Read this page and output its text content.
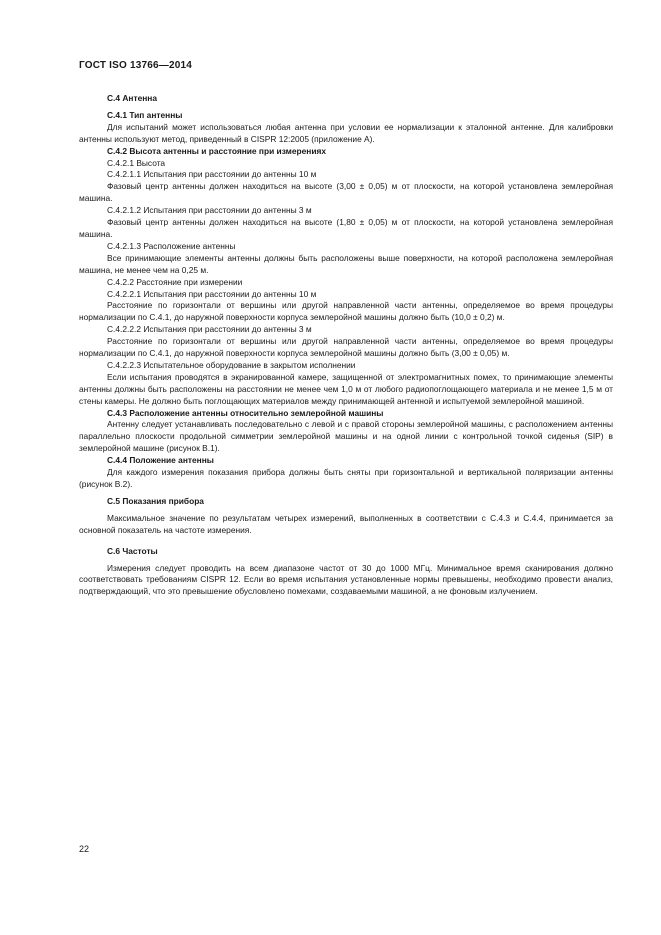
ГОСТ ISO 13766—2014

С.4 Антенна

С.4.1 Тип антенны

Для испытаний может использоваться любая антенна при условии ее нормализации к эталонной антенне. Для калибровки антенны используют метод, приведенный в CISPR 12:2005 (приложение А).

С.4.2 Высота антенны и расстояние при измерениях

С.4.2.1 Высота

С.4.2.1.1 Испытания при расстоянии до антенны 10 м

Фазовый центр антенны должен находиться на высоте (3,00 ± 0,05) м от плоскости, на которой установлена землеройная машина.

С.4.2.1.2 Испытания при расстоянии до антенны 3 м

Фазовый центр антенны должен находиться на высоте (1,80 ± 0,05) м от плоскости, на которой установлена землеройная машина.

С.4.2.1.3 Расположение антенны

Все принимающие элементы антенны должны быть расположены выше поверхности, на которой расположена землеройная машина, не менее чем на 0,25 м.

С.4.2.2 Расстояние при измерении

С.4.2.2.1 Испытания при расстоянии до антенны 10 м

Расстояние по горизонтали от вершины или другой направленной части антенны, определяемое во время процедуры нормализации по С.4.1, до наружной поверхности корпуса землеройной машины должно быть (10,0 ± 0,2) м.

С.4.2.2.2 Испытания при расстоянии до антенны 3 м

Расстояние по горизонтали от вершины или другой направленной части антенны, определяемое во время процедуры нормализации по С.4.1, до наружной поверхности корпуса землеройной машины должно быть (3,00 ± 0,05) м.

С.4.2.2.3 Испытательное оборудование в закрытом исполнении

Если испытания проводятся в экранированной камере, защищенной от электромагнитных помех, то принимающие элементы антенны должны быть расположены на расстоянии не менее чем 1,0 м от любого радиопоглощающего материала и не менее 1,5 м от стены камеры. Не должно быть поглощающих материалов между принимающей антенной и испытуемой землеройной машиной.

С.4.3 Расположение антенны относительно землеройной машины

Антенну следует устанавливать последовательно с левой и с правой стороны землеройной машины, с расположением антенны параллельно плоскости продольной симметрии землеройной машины и на одной линии с контрольной точкой сиденья (SIP) в землеройной машине (рисунок В.1).

С.4.4 Положение антенны

Для каждого измерения показания прибора должны быть сняты при горизонтальной и вертикальной поляризации антенны (рисунок В.2).

С.5 Показания прибора

Максимальное значение по результатам четырех измерений, выполненных в соответствии с С.4.3 и С.4.4, принимается за основной показатель на частоте измерения.

С.6 Частоты

Измерения следует проводить на всем диапазоне частот от 30 до 1000 МГц. Минимальное время сканирования должно соответствовать требованиям CISPR 12. Если во время испытания установленные нормы превышены, необходимо провести анализ, подтверждающий, что это превышение обусловлено помехами, создаваемыми машиной, а не фоновым излучением.

22
